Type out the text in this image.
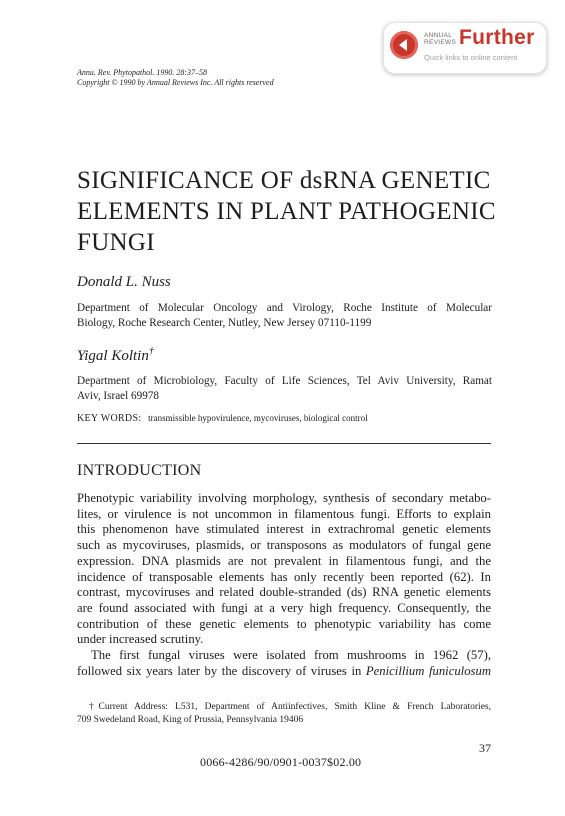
ANNUAL
REVIEWS Further
Quick links to online content
Annu. Rev. Phytopathol. 1990. 28:37–58
Copyright © 1990 by Annual Reviews Inc. All rights reserved
SIGNIFICANCE OF dsRNA GENETIC
ELEMENTS IN PLANT PATHOGENIC
FUNGI
Donald L. Nuss
Department of Molecular Oncology and Virology, Roche Institute of Molecular
Biology, Roche Research Center, Nutley, New Jersey 07110-1199
Yigal Koltin†
Department of Microbiology, Faculty of Life Sciences, Tel Aviv University, Ramat
Aviv, Israel 69978
KEY WORDS: transmissible hypovirulence, mycoviruses, biological control
INTRODUCTION

Phenotypic variability involving morphology, synthesis of secondary metabo-
lites, or virulence is not uncommon in filamentous fungi. Efforts to explain
this phenomenon have stimulated interest in extrachromal genetic elements
such as mycoviruses, plasmids, or transposons as modulators of fungal gene
expression. DNA plasmids are not prevalent in filamentous fungi, and the
incidence of transposable elements has only recently been reported (62). In
contrast, mycoviruses and related double-stranded (ds) RNA genetic elements
are found associated with fungi at a very high frequency. Consequently, the
contribution of these genetic elements to phenotypic variability has come
under increased scrutiny.

The first fungal viruses were isolated from mushrooms in 1962 (57),
followed six years later by the discovery of viruses in Penicillium funiculosum

†Current Address: L531, Department of Antiinfectives, Smith Kline & French Laboratories,
709 Swedeland Road, King of Prussia, Pennsylvania 19406
37
0066-4286/90/0901-0037$02.00
